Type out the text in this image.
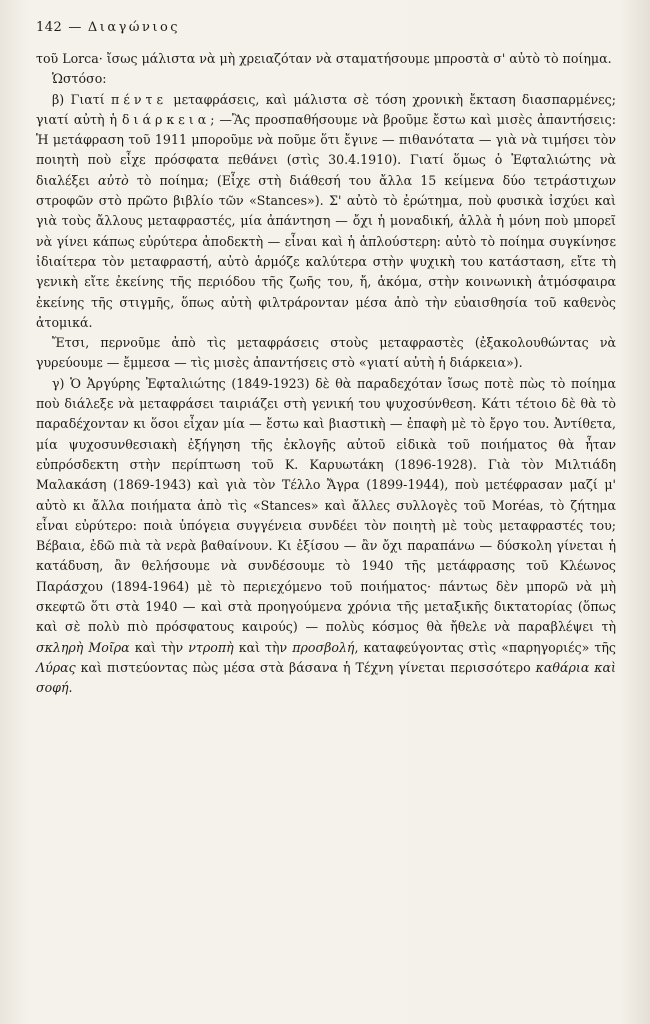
142 — Διαγώνιος

τοῦ Lorca· ἴσως μάλιστα νὰ μὴ χρειαζόταν νὰ σταματήσουμε μπροστὰ σ' αὐτὸ τὸ ποίημα.

Ὡστόσο:

β) Γιατί πέντε μεταφράσεις, καὶ μάλιστα σὲ τόση χρονικὴ ἔκταση διασπαρμένες; γιατί αὐτὴ ἡ διάρκεια; —Ἂς προσπαθήσουμε νὰ βροῦμε ἔστω καὶ μισὲς ἀπαντήσεις: Ἡ μετάφραση τοῦ 1911 μποροῦμε νὰ ποῦμε ὅτι ἔγινε — πιθανότατα — γιὰ νὰ τιμήσει τὸν ποιητὴ ποὺ εἶχε πρόσφατα πεθάνει (στὶς 30.4.1910). Γιατί ὅμως ὁ Ἐφταλιώτης νὰ διαλέξει αὐτὸ τὸ ποίημα; (Εἶχε στὴ διάθεσή του ἄλλα 15 κείμενα δύο τετράστιχων στροφῶν στὸ πρῶτο βιβλίο τῶν «Stances»). Σ' αὐτὸ τὸ ἐρώτημα, ποὺ φυσικὰ ἰσχύει καὶ γιὰ τοὺς ἄλλους μεταφραστές, μία ἀπάντηση — ὄχι ἡ μοναδική, ἀλλὰ ἡ μόνη ποὺ μπορεῖ νὰ γίνει κάπως εὐρύτερα ἀποδεκτὴ — εἶναι καὶ ἡ ἁπλούστερη: αὐτὸ τὸ ποίημα συγκίνησε ἰδιαίτερα τὸν μεταφραστή, αὐτὸ ἁρμόζε καλύτερα στὴν ψυχικὴ του κατάσταση, εἴτε τὴ γενικὴ εἴτε ἐκείνης τῆς περιόδου τῆς ζωῆς του, ἤ, ἀκόμα, στὴν κοινωνικὴ ἀτμόσφαιρα ἐκείνης τῆς στιγμῆς, ὅπως αὐτὴ φιλτράρονταν μέσα ἀπὸ τὴν εὐαισθησία τοῦ καθενὸς ἀτομικά.

Ἔτσι, περνοῦμε ἀπὸ τὶς μεταφράσεις στοὺς μεταφραστὲς (ἐξακολουθώντας νὰ γυρεύουμε — ἔμμεσα — τὶς μισὲς ἀπαντήσεις στὸ «γιατί αὐτὴ ἡ διάρκεια»).

γ) Ὁ Ἀργύρης Ἐφταλιώτης (1849-1923) δὲ θὰ παραδεχόταν ἴσως ποτὲ πὼς τὸ ποίημα ποὺ διάλεξε νὰ μεταφράσει ταιριάζει στὴ γενική του ψυχοσύνθεση. Κάτι τέτοιο δὲ θὰ τὸ παραδέχονταν κι ὅσοι εἶχαν μία — ἔστω καὶ βιαστικὴ — ἐπαφὴ μὲ τὸ ἔργο του. Ἀντίθετα, μία ψυχοσυνθεσιακὴ ἐξήγηση τῆς ἐκλογῆς αὐτοῦ εἰδικὰ τοῦ ποιήματος θὰ ἦταν εὐπρόσδεκτη στὴν περίπτωση τοῦ Κ. Καρυωτάκη (1896-1928). Γιὰ τὸν Μιλτιάδη Μαλακάση (1869-1943) καὶ γιὰ τὸν Τέλλο Ἄγρα (1899-1944), ποὺ μετέφρασαν μαζί μ' αὐτὸ κι ἄλλα ποιήματα ἀπὸ τὶς «Stances» καὶ ἄλλες συλλογὲς τοῦ Moréas, τὸ ζήτημα εἶναι εὐρύτερο: ποιὰ ὑπόγεια συγγένεια συνδέει τὸν ποιητὴ μὲ τοὺς μεταφραστές του; Βέβαια, ἐδῶ πιὰ τὰ νερὰ βαθαίνουν. Κι ἐξίσου — ἂν ὄχι παραπάνω — δύσκολη γίνεται ἡ κατάδυση, ἂν θελήσουμε νὰ συνδέσουμε τὸ 1940 τῆς μετάφρασης τοῦ Κλέωνος Παράσχου (1894-1964) μὲ τὸ περιεχόμενο τοῦ ποιήματος· πάντως δὲν μπορῶ νὰ μὴ σκεφτῶ ὅτι στὰ 1940 — καὶ στὰ προηγούμενα χρόνια τῆς μεταξικῆς δικτατορίας (ὅπως καὶ σὲ πολὺ πιὸ πρόσφατους καιρούς) — πολὺς κόσμος θὰ ἤθελε νὰ παραβλέψει τὴ σκληρὴ Μοῖρα καὶ τὴν ντροπὴ καὶ τὴν προσβολή, καταφεύγοντας στὶς «παρηγοριές» τῆς Λύρας καὶ πιστεύοντας πὼς μέσα στὰ βάσανα ἡ Τέχνη γίνεται περισσότερο καθάρια καὶ σοφή.
